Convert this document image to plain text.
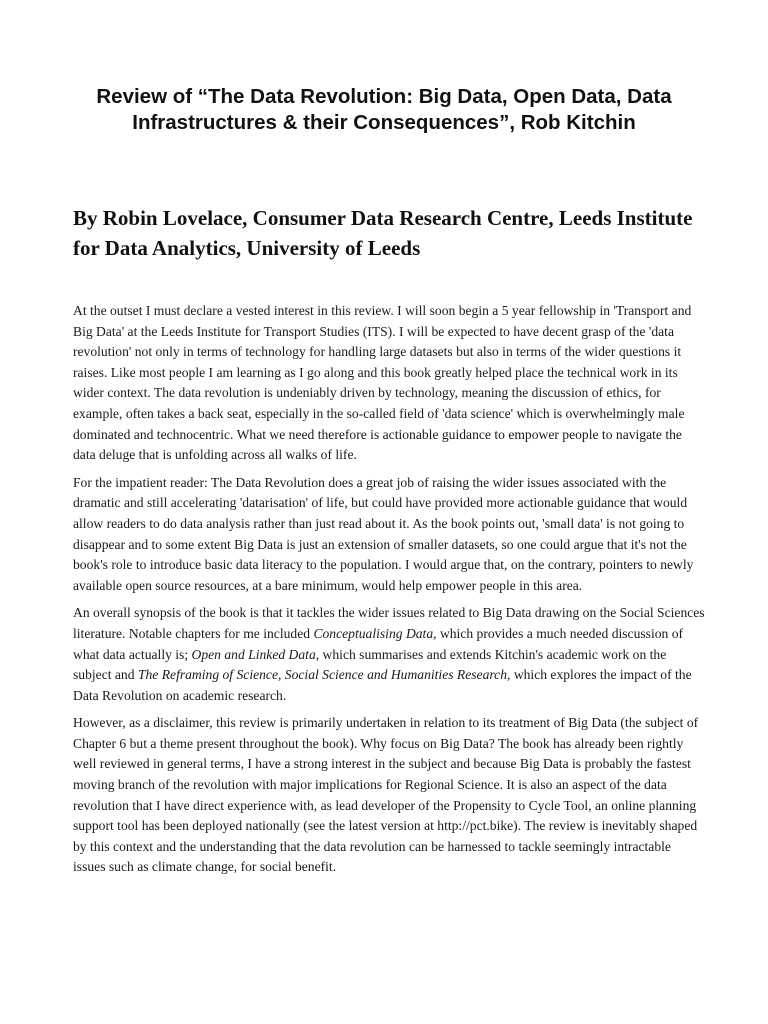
Review of “The Data Revolution: Big Data, Open Data, Data Infrastructures & their Consequences”, Rob Kitchin
By Robin Lovelace, Consumer Data Research Centre, Leeds Institute for Data Analytics, University of Leeds

At the outset I must declare a vested interest in this review. I will soon begin a 5 year fellowship in 'Transport and Big Data' at the Leeds Institute for Transport Studies (ITS). I will be expected to have decent grasp of the 'data revolution' not only in terms of technology for handling large datasets but also in terms of the wider questions it raises. Like most people I am learning as I go along and this book greatly helped place the technical work in its wider context. The data revolution is undeniably driven by technology, meaning the discussion of ethics, for example, often takes a back seat, especially in the so-called field of 'data science' which is overwhelmingly male dominated and technocentric. What we need therefore is actionable guidance to empower people to navigate the data deluge that is unfolding across all walks of life.

For the impatient reader: The Data Revolution does a great job of raising the wider issues associated with the dramatic and still accelerating 'datarisation' of life, but could have provided more actionable guidance that would allow readers to do data analysis rather than just read about it. As the book points out, 'small data' is not going to disappear and to some extent Big Data is just an extension of smaller datasets, so one could argue that it's not the book's role to introduce basic data literacy to the population. I would argue that, on the contrary, pointers to newly available open source resources, at a bare minimum, would help empower people in this area.

An overall synopsis of the book is that it tackles the wider issues related to Big Data drawing on the Social Sciences literature. Notable chapters for me included Conceptualising Data, which provides a much needed discussion of what data actually is; Open and Linked Data, which summarises and extends Kitchin's academic work on the subject and The Reframing of Science, Social Science and Humanities Research, which explores the impact of the Data Revolution on academic research.

However, as a disclaimer, this review is primarily undertaken in relation to its treatment of Big Data (the subject of Chapter 6 but a theme present throughout the book). Why focus on Big Data? The book has already been rightly well reviewed in general terms, I have a strong interest in the subject and because Big Data is probably the fastest moving branch of the revolution with major implications for Regional Science. It is also an aspect of the data revolution that I have direct experience with, as lead developer of the Propensity to Cycle Tool, an online planning support tool has been deployed nationally (see the latest version at http://pct.bike). The review is inevitably shaped by this context and the understanding that the data revolution can be harnessed to tackle seemingly intractable issues such as climate change, for social benefit.
